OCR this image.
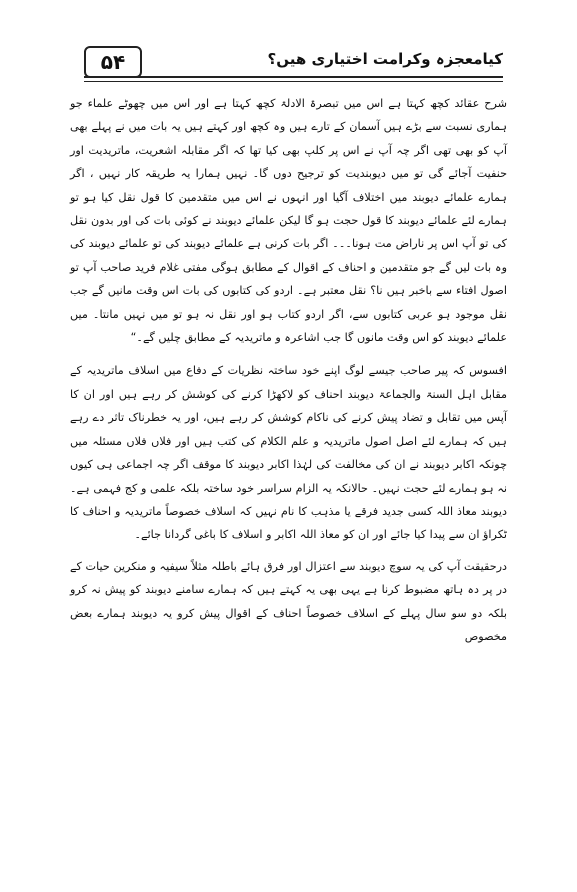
۵۴	کیامعجزہ وکرامت اختیاری ھیں؟

شرح عقائد کچھ کہتا ہے اس میں تبصرۃ الادلۃ کچھ کہتا ہے اور اس میں چھوٹے علماء جو ہماری نسبت سے بڑے ہیں آسمان کے تارے ہیں وہ کچھ اور کہتے ہیں یہ بات میں نے پہلے بھی آپ کو بھی تھی اگر چہ آپ نے اس پر کلپ بھی کیا تھا کہ اگر مقابلہ اشعریت، ماتریدیت اور حنفیت آجائے گی تو میں دیوبندیت کو ترجیح دوں گا۔ نہیں ہمارا یہ طریقہ کار نہیں ، اگر ہمارے علمائے دیوبند میں اختلاف آگیا اور انہوں نے اس میں متقدمین کا قول نقل کیا ہو تو ہمارے لئے علمائے دیوبند کا قول حجت ہو گا لیکن علمائے دیوبند نے کوئی بات کی اور بدون نقل کی تو آپ اس پر ناراض مت ہونا۔۔۔ اگر بات کرنی ہے علمائے دیوبند کی تو علمائے دیوبند کی وہ بات لیں گے جو متقدمین و احناف کے اقوال کے مطابق ہوگی مفتی غلام فرید صاحب آپ تو اصول افتاء سے باخبر ہیں نا؟ نقل معتبر ہے۔ اردو کی کتابوں کی بات اس وقت مانیں گے جب نقل موجود ہو عربی کتابوں سے، اگر اردو کتاب ہو اور نقل نہ ہو تو میں نہیں مانتا۔ میں علمائے دیوبند کو اس وقت مانوں گا جب اشاعرہ و ماتریدیہ کے مطابق چلیں گے۔“

افسوس کہ پیر صاحب جیسے لوگ اپنے خود ساختہ نظریات کے دفاع میں اسلاف ماتریدیہ کے مقابل اہل السنۃ والجماعۃ دیوبند احناف کو لاکھڑا کرنے کی کوشش کر رہے ہیں اور ان کا آپس میں تقابل و تضاد پیش کرنے کی ناکام کوشش کر رہے ہیں، اور یہ خطرناک تاثر دے رہے ہیں کہ ہمارے لئے اصل اصول ماتریدیہ و علم الکلام کی کتب ہیں اور فلاں فلاں مسئلہ میں چونکہ اکابر دیوبند نے ان کی مخالفت کی لہٰذا اکابر دیوبند کا موقف اگر چہ اجماعی ہی کیوں نہ ہو ہمارے لئے حجت نہیں۔ حالانکہ یہ الزام سراسر خود ساختہ بلکہ علمی و کج فہمی ہے۔ دیوبند معاذ اللہ کسی جدید فرقے یا مذہب کا نام نہیں کہ اسلاف خصوصاً ماتریدیہ و احناف کا ٹکراؤ ان سے پیدا کیا جائے اور ان کو معاذ اللہ اکابر و اسلاف کا باغی گردانا جائے۔

درحقیقت آپ کی یہ سوچ دیوبند سے اعتزال اور فرق ہائے باطلہ مثلاً سیفیہ و منکرین حیات کے در پر دہ ہاتھ مضبوط کرنا ہے یہی بھی یہ کہتے ہیں کہ ہمارے سامنے دیوبند کو پیش نہ کرو بلکہ دو سو سال پہلے کے اسلاف خصوصاً احناف کے اقوال پیش کرو یہ دیوبند ہمارے بعض مخصوص
